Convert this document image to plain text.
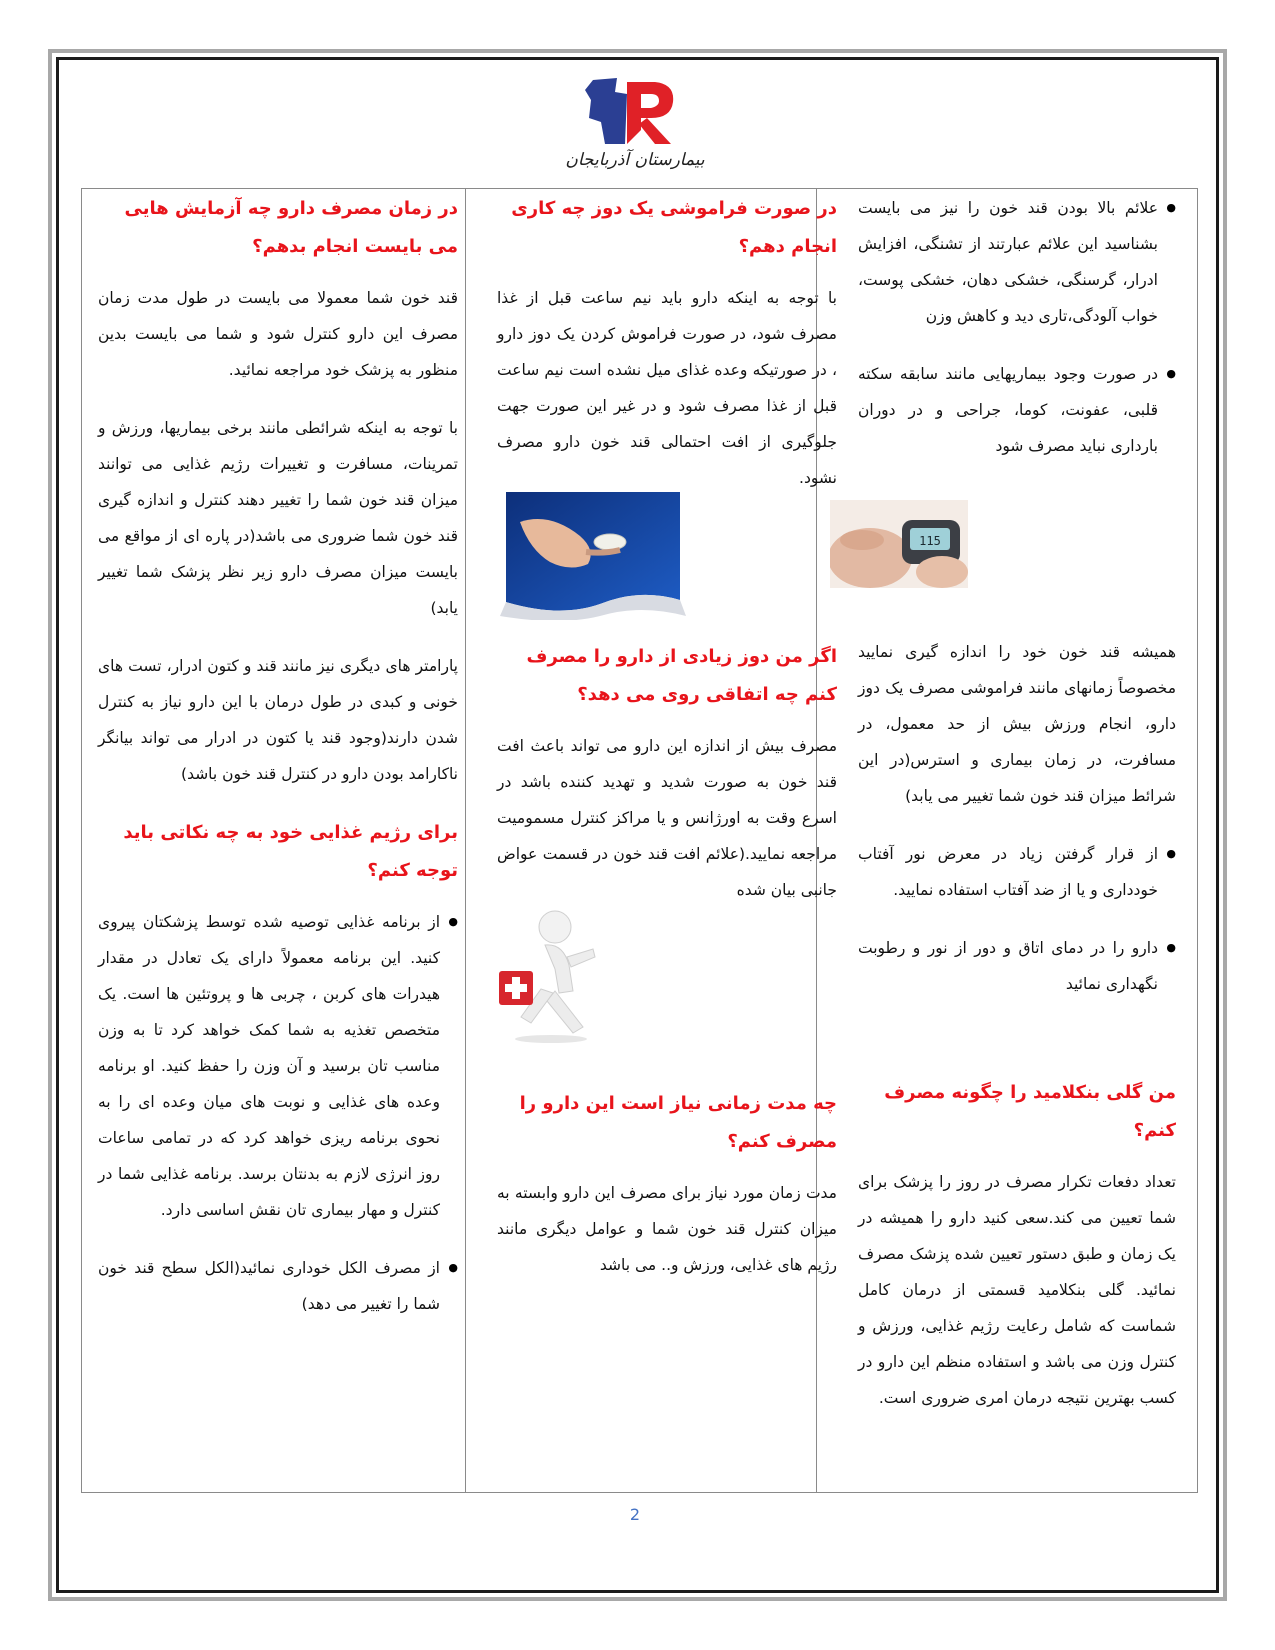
بیمارستان آذربایجان
● علائم بالا بودن قند خون را نیز می بایست بشناسید این علائم عبارتند از تشنگی، افزایش ادرار، گرسنگی، خشکی دهان، خشکی پوست، خواب آلودگی،تاری دید و کاهش وزن
● در صورت وجود بیماریهایی مانند سابقه سکته قلبی، عفونت، کوما، جراحی و در دوران بارداری نباید مصرف شود

همیشه قند خون خود را اندازه گیری نمایید مخصوصاً زمانهای مانند فراموشی مصرف یک دوز دارو، انجام ورزش بیش از حد معمول، در مسافرت، در زمان بیماری و استرس(در این شرائط میزان قند خون شما تغییر می یابد)

● از قرار گرفتن زیاد در معرض نور آفتاب خودداری و یا از ضد آفتاب استفاده نمایید.
● دارو را در دمای اتاق و دور از نور و رطوبت نگهداری نمائید
من گلی بنکلامید را چگونه مصرف کنم؟

تعداد دفعات تکرار مصرف در روز را پزشک برای شما تعیین می کند.سعی کنید دارو را همیشه در یک زمان و طبق دستور تعیین شده پزشک مصرف نمائید. گلی بنکلامید قسمتی از درمان کامل شماست که شامل رعایت رژیم غذایی، ورزش و کنترل وزن می باشد و استفاده منظم این دارو در کسب بهترین نتیجه درمان امری ضروری است.

115
در صورت فراموشی یک دوز چه کاری انجام دهم؟

با توجه به اینکه دارو باید نیم ساعت قبل از غذا مصرف شود، در صورت فراموش کردن یک دوز دارو ، در صورتیکه وعده غذای میل نشده است نیم ساعت قبل از غذا مصرف شود و در غیر این صورت جهت جلوگیری از افت احتمالی قند خون دارو مصرف نشود.

اگر من دوز زیادی از دارو را مصرف کنم چه اتفاقی روی می دهد؟

مصرف بیش از اندازه این دارو می تواند باعث افت قند خون به صورت شدید و تهدید کننده باشد در اسرع وقت به اورژانس و یا مراکز کنترل مسمومیت مراجعه نمایید.(علائم افت قند خون در قسمت عواض جانبی بیان شده

چه مدت زمانی نیاز است این دارو را مصرف کنم؟

مدت زمان مورد نیاز برای مصرف این دارو وابسته به میزان کنترل قند خون شما و عوامل دیگری مانند رژیم های غذایی، ورزش و.. می باشد

در زمان مصرف دارو چه آزمایش هایی می بایست انجام بدهم؟

قند خون شما معمولا می بایست در طول مدت زمان مصرف این دارو کنترل شود و شما می بایست بدین منظور به پزشک خود مراجعه نمائید.

با توجه به اینکه شرائطی مانند برخی بیماریها، ورزش و تمرینات، مسافرت و تغییرات رژیم غذایی می توانند میزان قند خون شما را تغییر دهند کنترل و اندازه گیری قند خون شما ضروری می باشد(در پاره ای از مواقع می بایست میزان مصرف دارو زیر نظر پزشک شما تغییر یابد)

پارامتر های دیگری نیز مانند قند و کتون ادرار، تست های خونی و کبدی در طول درمان با این دارو نیاز به کنترل شدن دارند(وجود قند یا کتون در ادرار می تواند بیانگر ناکارامد بودن دارو در کنترل قند خون باشد)

برای رژیم غذایی خود به چه نکاتی باید توجه کنم؟
● از برنامه غذایی توصیه شده توسط پزشکتان پیروی کنید. این برنامه معمولاً دارای یک تعادل در مقدار هیدرات های کربن ، چربی ها و پروتئین ها است. یک متخصص تغذیه به شما کمک خواهد کرد تا به وزن مناسب تان برسید و آن وزن را حفظ کنید. او برنامه وعده های غذایی و نوبت های میان وعده ای را به نحوی برنامه ریزی خواهد کرد که در تمامی ساعات روز انرژی لازم به بدنتان برسد. برنامه غذایی شما در کنترل و مهار بیماری تان نقش اساسی دارد.
● از مصرف الکل خوداری نمائید(الکل سطح قند خون شما را تغییر می دهد)
2
